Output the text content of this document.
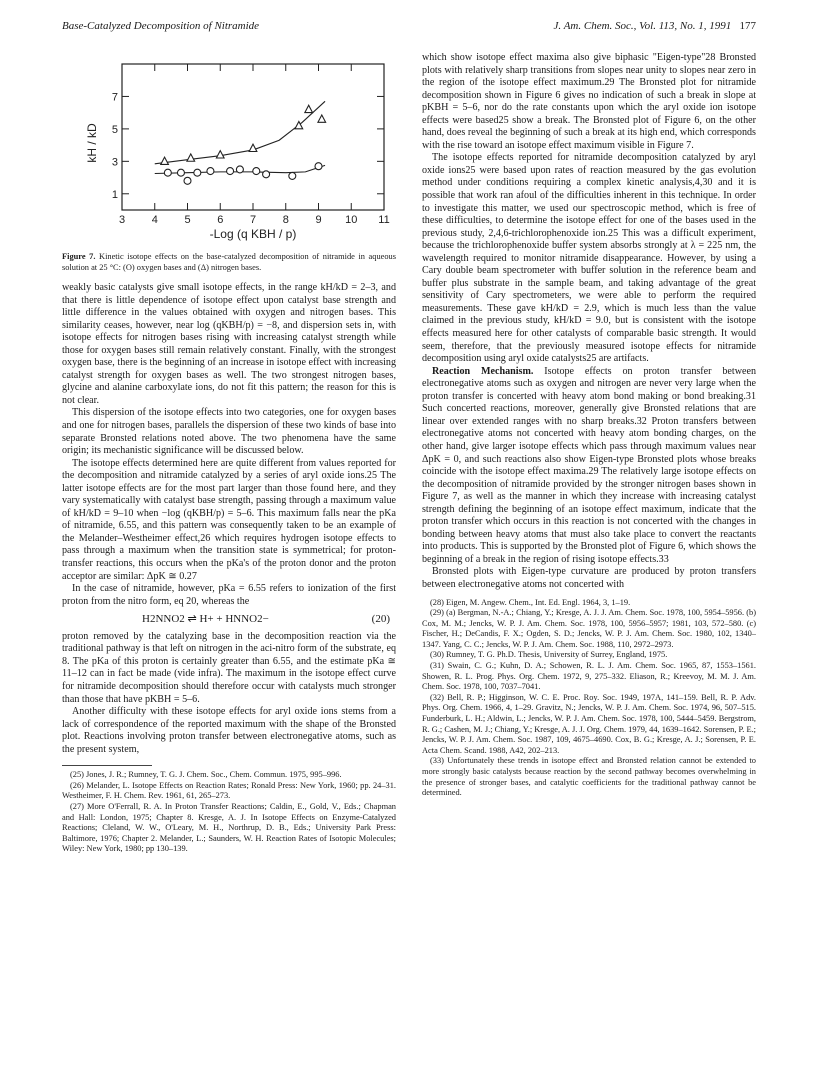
Base-Catalyzed Decomposition of Nitramide	J. Am. Chem. Soc., Vol. 113, No. 1, 1991 177
3 4 5 6 7 8 9 10 11
1
3
5
7
-Log (q KBH / p)
kH / kD
Figure 7. Kinetic isotope effects on the base-catalyzed decomposition of nitramide in aqueous solution at 25 °C: (O) oxygen bases and (Δ) nitrogen bases.

weakly basic catalysts give small isotope effects, in the range kH/kD = 2–3, and that there is little dependence of isotope effect upon catalyst base strength and little difference in the values obtained with oxygen and nitrogen bases. This similarity ceases, however, near log (qKBH/p) = −8, and dispersion sets in, with isotope effects for nitrogen bases rising with increasing catalyst strength while those for oxygen bases still remain relatively constant. Finally, with the strongest oxygen base, there is the beginning of an increase in isotope effect with increasing catalyst strength for oxygen bases as well. The two strongest nitrogen bases, glycine and alanine carboxylate ions, do not fit this pattern; the reason for this is not clear.

This dispersion of the isotope effects into two categories, one for oxygen bases and one for nitrogen bases, parallels the dispersion of these two kinds of base into separate Bronsted relations noted above. The two phenomena have the same origin; its mechanistic significance will be discussed below.

The isotope effects determined here are quite different from values reported for the decomposition and nitramide catalyzed by a series of aryl oxide ions.25 The latter isotope effects are for the most part larger than those found here, and they vary systematically with catalyst base strength, passing through a maximum value of kH/kD = 9–10 when −log (qKBH/p) = 5–6. This maximum falls near the pKa of nitramide, 6.55, and this pattern was consequently taken to be an example of the Melander–Westheimer effect,26 which requires hydrogen isotope effects to pass through a maximum when the transition state is symmetrical; for proton-transfer reactions, this occurs when the pKa's of the proton donor and the proton acceptor are similar: ΔpK ≅ 0.27

In the case of nitramide, however, pKa = 6.55 refers to ionization of the first proton from the nitro form, eq 20, whereas the

H2NNO2 ⇌ H+ + HNNO2−	(20)

proton removed by the catalyzing base in the decomposition reaction via the traditional pathway is that left on nitrogen in the aci-nitro form of the substrate, eq 8. The pKa of this proton is certainly greater than 6.55, and the estimate pKa ≅ 11–12 can in fact be made (vide infra). The maximum in the isotope effect curve for nitramide decomposition should therefore occur with catalysts much stronger than those that have pKBH = 5–6.

Another difficulty with these isotope effects for aryl oxide ions stems from a lack of correspondence of the reported maximum with the shape of the Bronsted plot. Reactions involving proton transfer between electronegative atoms, such as the present system,

(25) Jones, J. R.; Rumney, T. G. J. Chem. Soc., Chem. Commun. 1975, 995–996.

(26) Melander, L. Isotope Effects on Reaction Rates; Ronald Press: New York, 1960; pp. 24–31. Westheimer, F. H. Chem. Rev. 1961, 61, 265–273.

(27) More O'Ferrall, R. A. In Proton Transfer Reactions; Caldin, E., Gold, V., Eds.; Chapman and Hall: London, 1975; Chapter 8. Kresge, A. J. In Isotope Effects on Enzyme-Catalyzed Reactions; Cleland, W. W., O'Leary, M. H., Northrup, D. B., Eds.; University Park Press: Baltimore, 1976; Chapter 2. Melander, L.; Saunders, W. H. Reaction Rates of Isotopic Molecules; Wiley: New York, 1980; pp 130–139.

which show isotope effect maxima also give biphasic "Eigen-type"28 Bronsted plots with relatively sharp transitions from slopes near unity to slopes near zero in the region of the isotope effect maximum.29 The Bronsted plot for nitramide decomposition shown in Figure 6 gives no indication of such a break in slope at pKBH = 5–6, nor do the rate constants upon which the aryl oxide ion isotope effects were based25 show a break. The Bronsted plot of Figure 6, on the other hand, does reveal the beginning of such a break at its high end, which corresponds with the rise toward an isotope effect maximum visible in Figure 7.

The isotope effects reported for nitramide decomposition catalyzed by aryl oxide ions25 were based upon rates of reaction measured by the gas evolution method under conditions requiring a complex kinetic analysis,4,30 and it is possible that work ran afoul of the difficulties inherent in this technique. In order to investigate this matter, we used our spectroscopic method, which is free of these difficulties, to determine the isotope effect for one of the bases used in the previous study, 2,4,6-trichlorophenoxide ion.25 This was a difficult experiment, because the trichlorophenoxide buffer system absorbs strongly at λ = 225 nm, the wavelength required to monitor nitramide disappearance. However, by using a Cary double beam spectrometer with buffer solution in the reference beam and buffer plus substrate in the sample beam, and taking advantage of the great sensitivity of Cary spectrometers, we were able to perform the required measurements. These gave kH/kD = 2.9, which is much less than the value claimed in the previous study, kH/kD = 9.0, but is consistent with the isotope effects measured here for other catalysts of comparable basic strength. It would seem, therefore, that the previously measured isotope effects for nitramide decomposition using aryl oxide catalysts25 are artifacts.

Reaction Mechanism. Isotope effects on proton transfer between electronegative atoms such as oxygen and nitrogen are never very large when the proton transfer is concerted with heavy atom bond making or bond breaking.31 Such concerted reactions, moreover, generally give Bronsted relations that are linear over extended ranges with no sharp breaks.32 Proton transfers between electronegative atoms not concerted with heavy atom bonding charges, on the other hand, give larger isotope effects which pass through maximum values near ΔpK = 0, and such reactions also show Eigen-type Bronsted plots whose breaks coincide with the isotope effect maxima.29 The relatively large isotope effects on the decomposition of nitramide provided by the stronger nitrogen bases shown in Figure 7, as well as the manner in which they increase with increasing catalyst strength defining the beginning of an isotope effect maximum, indicate that the proton transfer which occurs in this reaction is not concerted with the changes in bonding between heavy atoms that must also take place to convert the reactants into products. This is supported by the Bronsted plot of Figure 6, which shows the beginning of a break in the region of rising isotope effects.33

Bronsted plots with Eigen-type curvature are produced by proton transfers between electronegative atoms not concerted with

(28) Eigen, M. Angew. Chem., Int. Ed. Engl. 1964, 3, 1–19.

(29) (a) Bergman, N.-A.; Chiang, Y.; Kresge, A. J. J. Am. Chem. Soc. 1978, 100, 5954–5956. (b) Cox, M. M.; Jencks, W. P. J. Am. Chem. Soc. 1978, 100, 5956–5957; 1981, 103, 572–580. (c) Fischer, H.; DeCandis, F. X.; Ogden, S. D.; Jencks, W. P. J. Am. Chem. Soc. 1980, 102, 1340–1347. Yang, C. C.; Jencks, W. P. J. Am. Chem. Soc. 1988, 110, 2972–2973.

(30) Rumney, T. G. Ph.D. Thesis, University of Surrey, England, 1975.

(31) Swain, C. G.; Kuhn, D. A.; Schowen, R. L. J. Am. Chem. Soc. 1965, 87, 1553–1561. Showen, R. L. Prog. Phys. Org. Chem. 1972, 9, 275–332. Eliason, R.; Kreevoy, M. M. J. Am. Chem. Soc. 1978, 100, 7037–7041.

(32) Bell, R. P.; Higginson, W. C. E. Proc. Roy. Soc. 1949, 197A, 141–159. Bell, R. P. Adv. Phys. Org. Chem. 1966, 4, 1–29. Gravitz, N.; Jencks, W. P. J. Am. Chem. Soc. 1974, 96, 507–515. Funderburk, L. H.; Aldwin, L.; Jencks, W. P. J. Am. Chem. Soc. 1978, 100, 5444–5459. Bergstrom, R. G.; Cashen, M. J.; Chiang, Y.; Kresge, A. J. J. Org. Chem. 1979, 44, 1639–1642. Sorensen, P. E.; Jencks, W. P. J. Am. Chem. Soc. 1987, 109, 4675–4690. Cox, B. G.; Kresge, A. J.; Sorensen, P. E. Acta Chem. Scand. 1988, A42, 202–213.

(33) Unfortunately these trends in isotope effect and Bronsted relation cannot be extended to more strongly basic catalysts because reaction by the second pathway becomes overwhelming in the presence of stronger bases, and catalytic coefficients for the traditional pathway cannot be determined.
